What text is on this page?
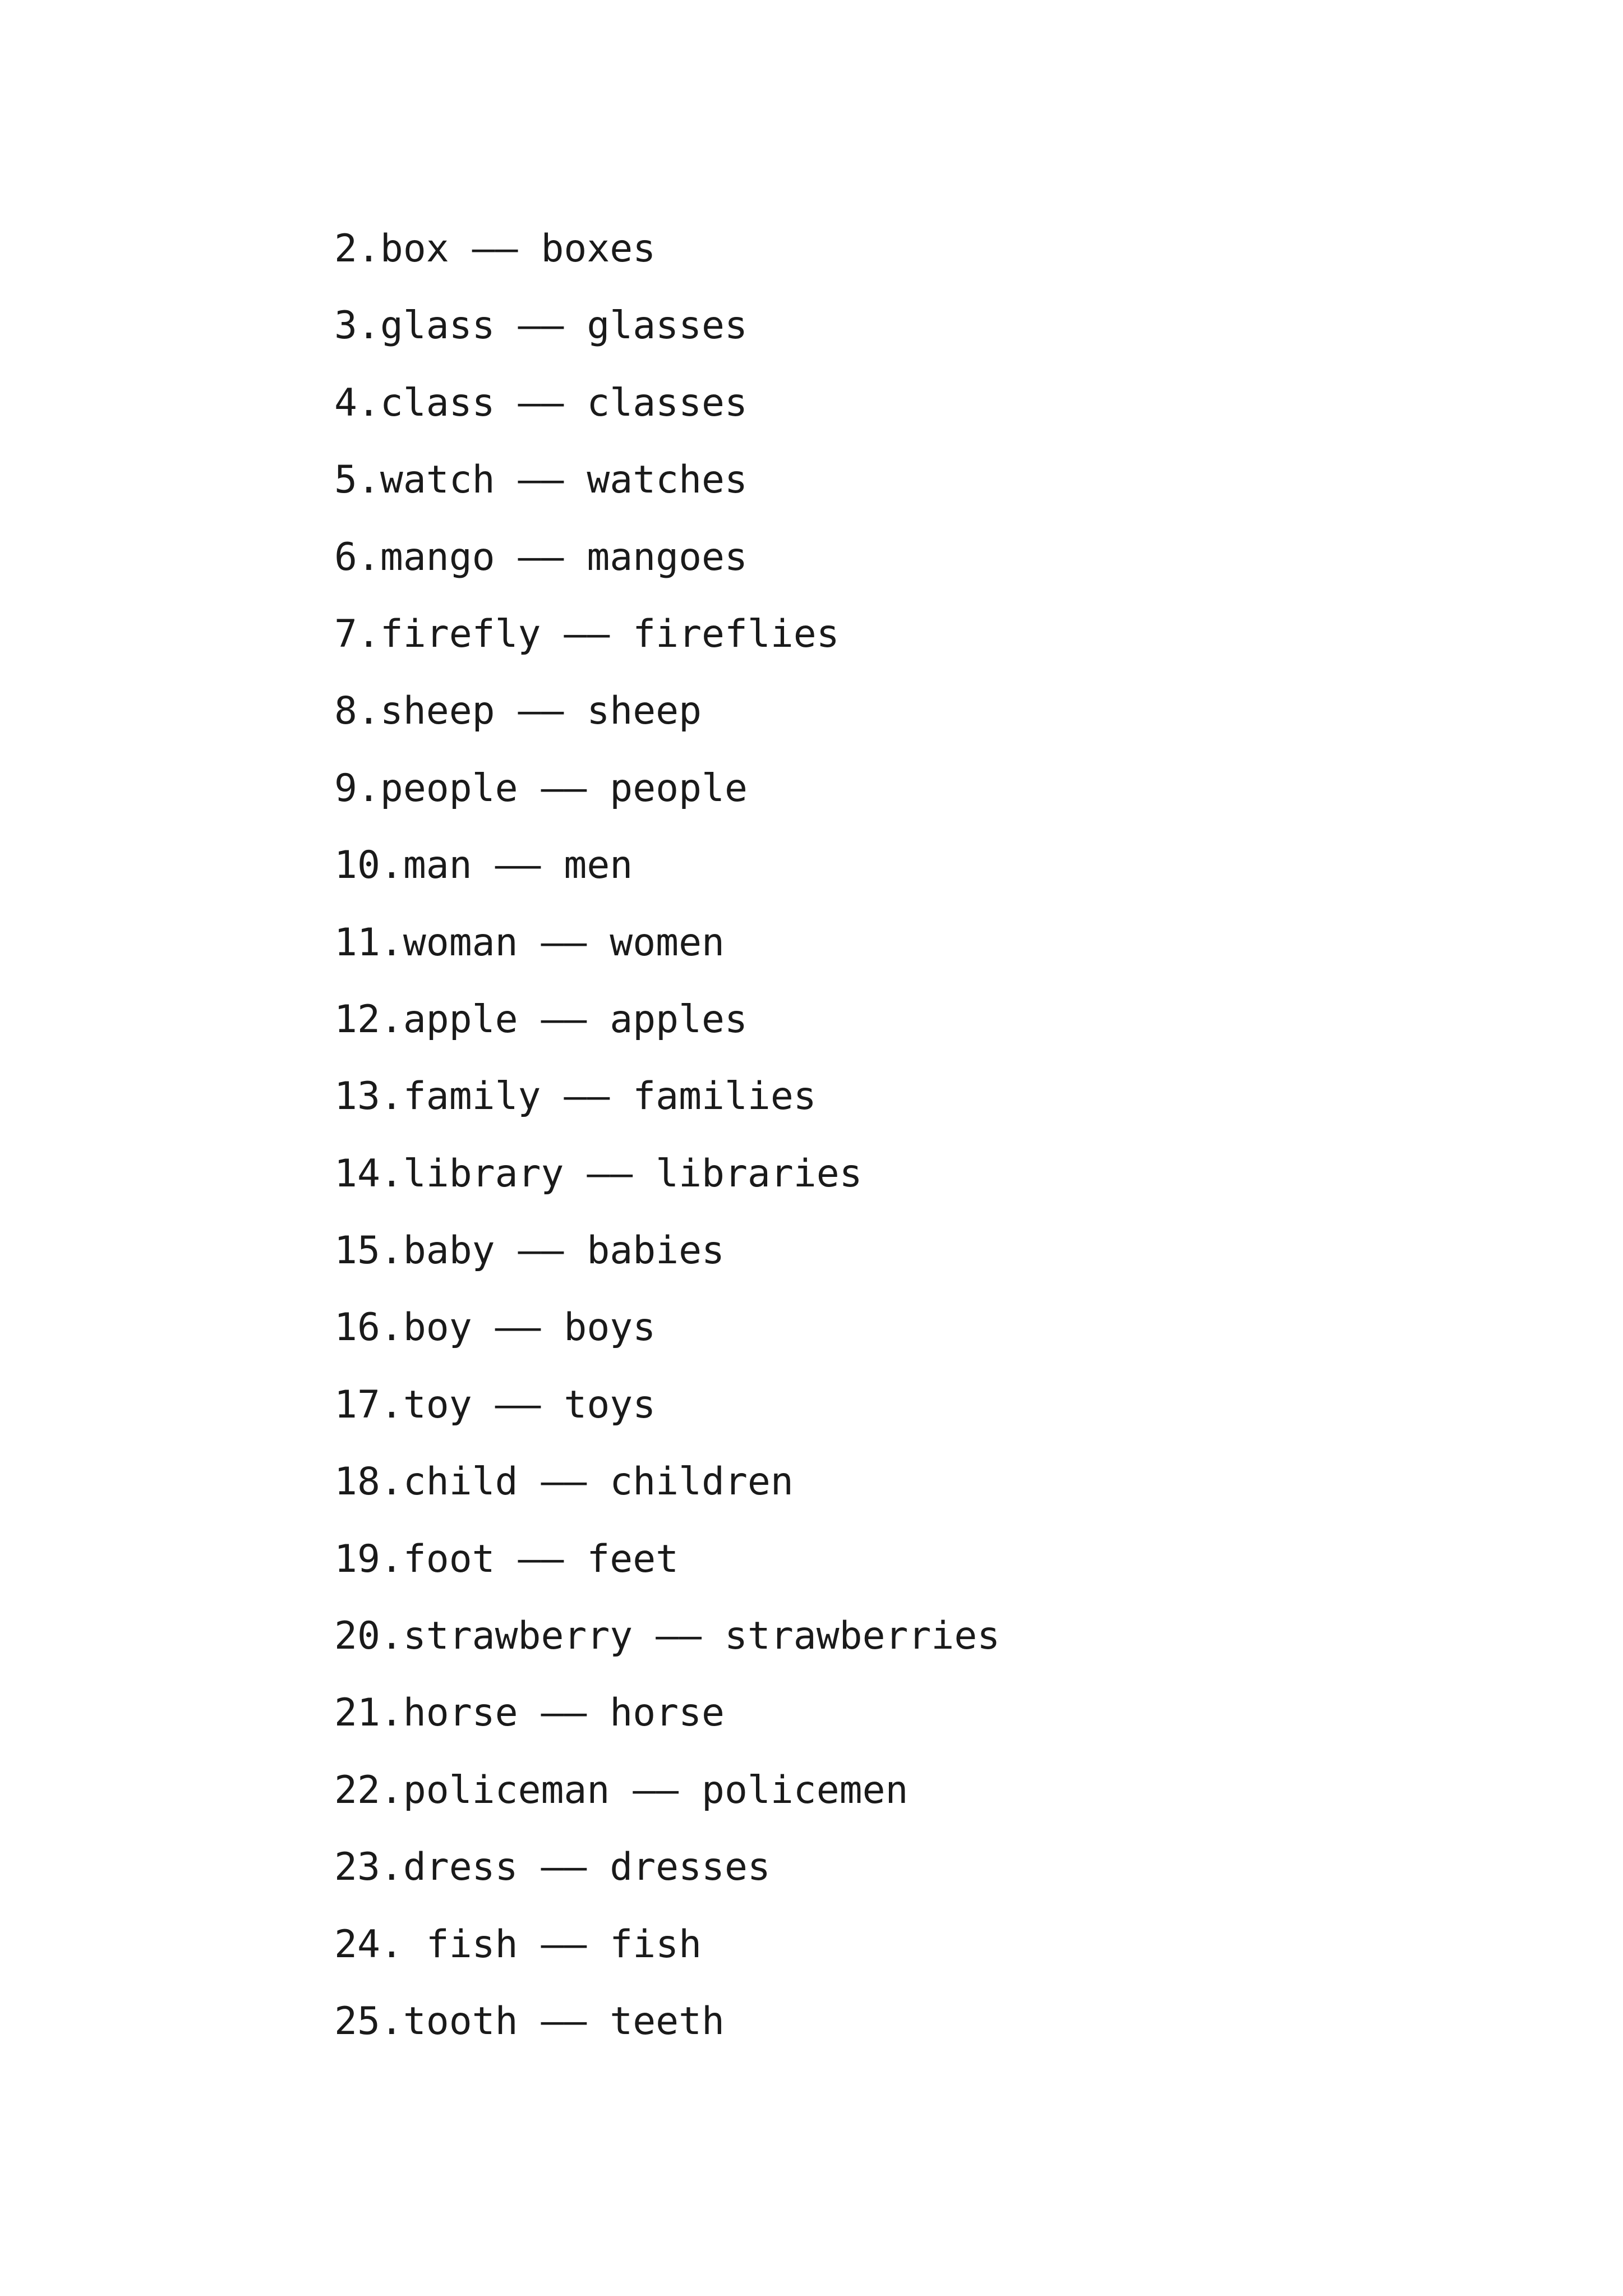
2.box —— boxes
3.glass —— glasses
4.class —— classes
5.watch —— watches
6.mango —— mangoes
7.firefly —— fireflies
8.sheep —— sheep
9.people —— people
10.man —— men
11.woman —— women
12.apple —— apples
13.family —— families
14.library —— libraries
15.baby —— babies
16.boy —— boys
17.toy —— toys
18.child —— children
19.foot —— feet
20.strawberry —— strawberries
21.horse —— horse
22.policeman —— policemen
23.dress —— dresses
24. fish —— fish
25.tooth —— teeth
